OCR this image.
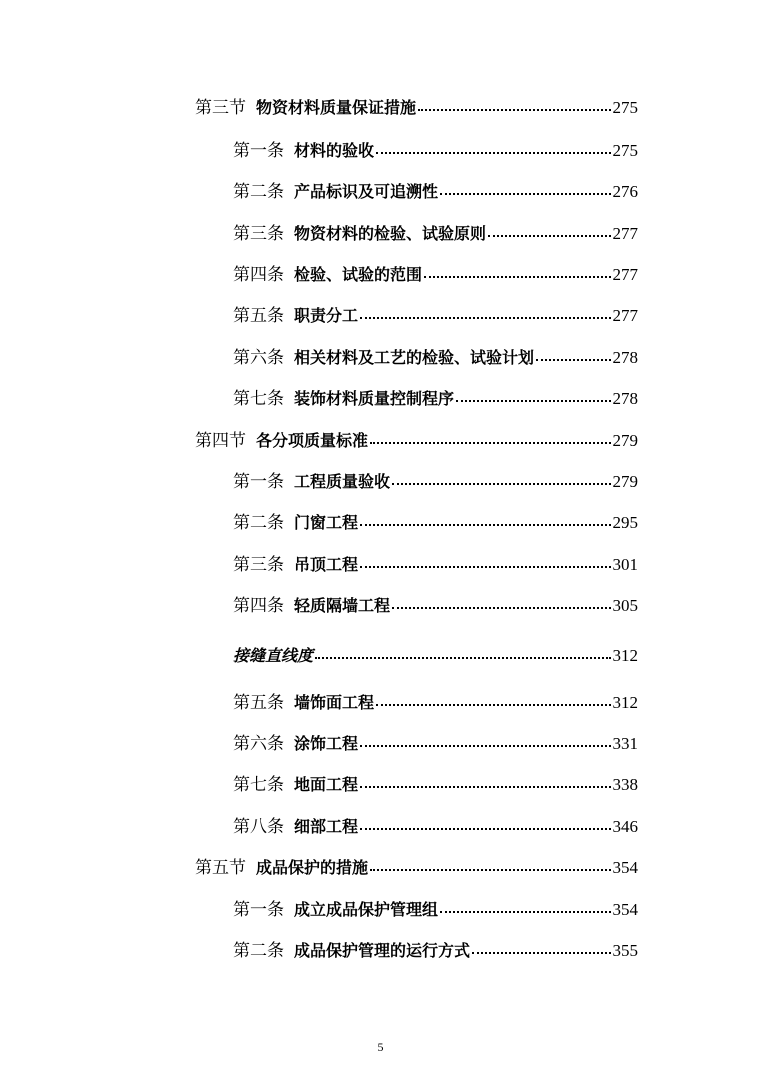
第三节 物资材料质量保证措施	275
第一条 材料的验收	275
第二条 产品标识及可追溯性	276
第三条 物资材料的检验、试验原则	277
第四条 检验、试验的范围	277
第五条 职责分工	277
第六条 相关材料及工艺的检验、试验计划	278
第七条 装饰材料质量控制程序	278
第四节 各分项质量标准	279
第一条 工程质量验收	279
第二条 门窗工程	295
第三条 吊顶工程	301
第四条 轻质隔墙工程	305
接缝直线度	312
第五条 墙饰面工程	312
第六条 涂饰工程	331
第七条 地面工程	338
第八条 细部工程	346
第五节 成品保护的措施	354
第一条 成立成品保护管理组	354
第二条 成品保护管理的运行方式	355
5
